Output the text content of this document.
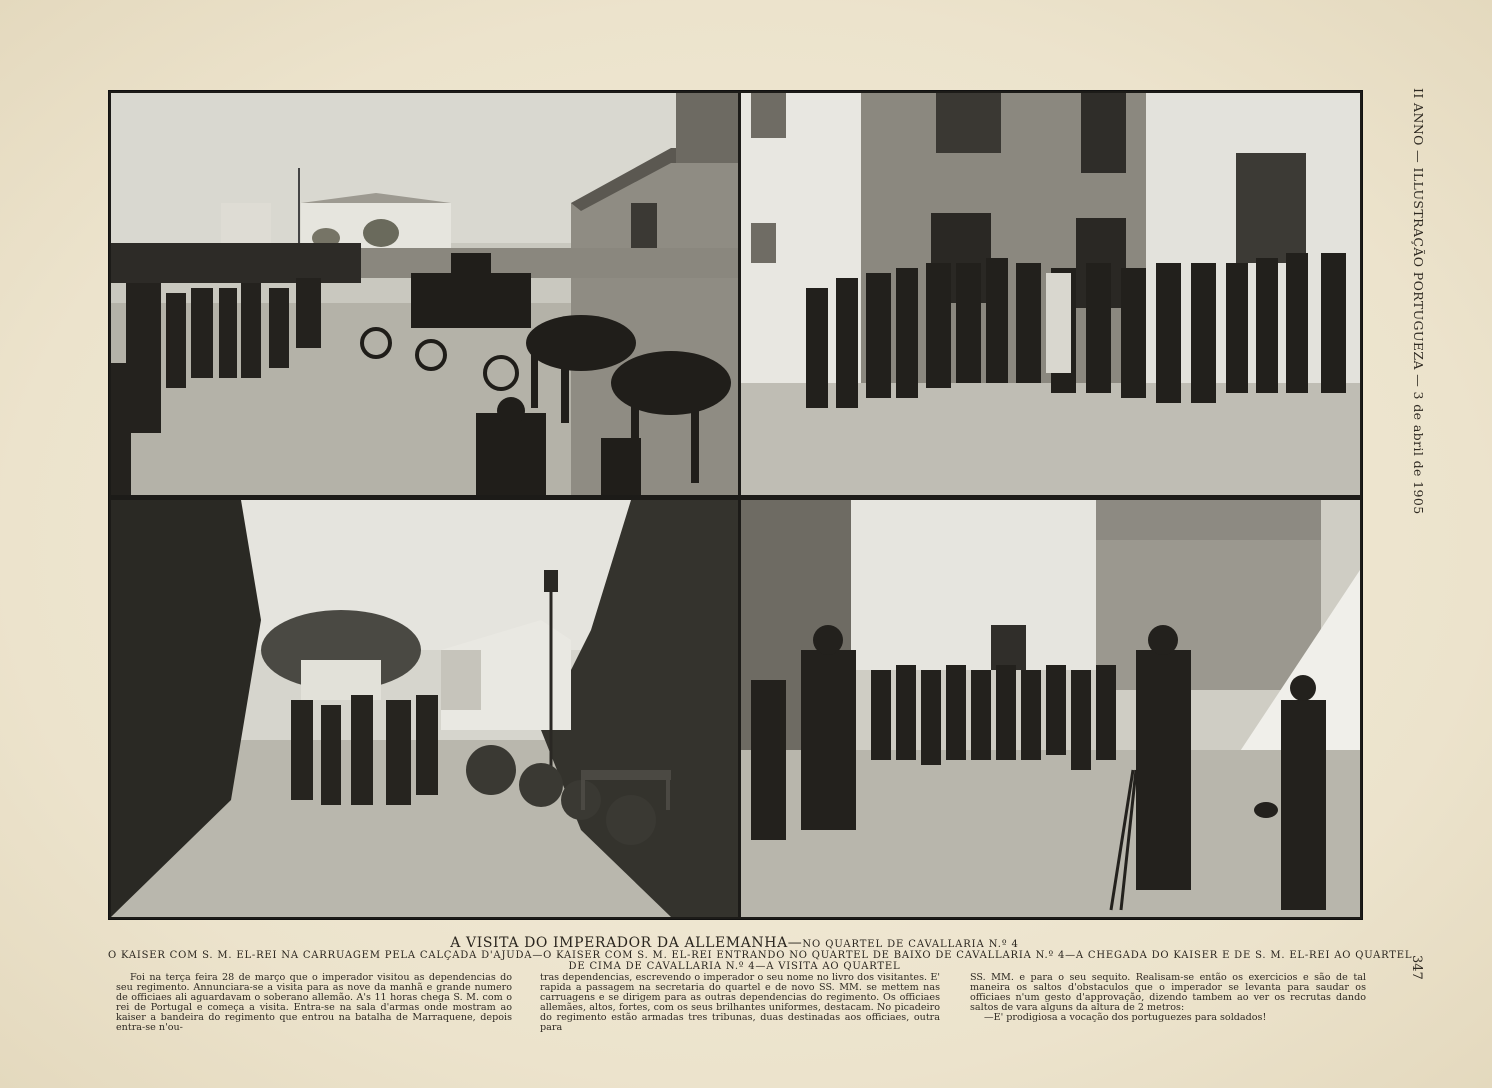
II ANNO — ILLUSTRAÇÃO PORTUGUEZA — 3 de abril de 1905
A VISITA DO IMPERADOR DA ALLEMANHA—NO QUARTEL DE CAVALLARIA N.º 4
O KAISER COM S. M. EL-REI NA CARRUAGEM PELA CALÇADA D'AJUDA—O KAISER COM S. M. EL-REI ENTRANDO NO QUARTEL DE BAIXO DE CAVALLARIA N.º 4—A CHEGADA DO KAISER E DE S. M. EL-REI AO QUARTEL
DE CIMA DE CAVALLARIA N.º 4—A VISITA AO QUARTEL

Foi na terça feira 28 de março que o imperador visitou as dependencias do seu regimento. Annunciara-se a visita para as nove da manhã e grande numero de officiaes ali aguardavam o soberano allemão. A's 11 horas chega S. M. com o rei de Portugal e começa a visita. Entra-se na sala d'armas onde mostram ao kaiser a bandeira do regimento que entrou na batalha de Marraquene, depois entra-se n'ou-

tras dependencias, escrevendo o imperador o seu nome no livro dos visitantes. E' rapida a passagem na secretaria do quartel e de novo SS. MM. se mettem nas carruagens e se dirigem para as outras dependencias do regimento. Os officiaes allemães, altos, fortes, com os seus brilhantes uniformes, destacam. No picadeiro do regimento estão armadas tres tribunas, duas destinadas aos officiaes, outra para

SS. MM. e para o seu sequito. Realisam-se então os exercicios e são de tal maneira os saltos d'obstaculos que o imperador se levanta para saudar os officiaes n'um gesto d'approvação, dizendo tambem ao ver os recrutas dando saltos de vara alguns da altura de 2 metros:

—E' prodigiosa a vocação dos portuguezes para soldados!

347
